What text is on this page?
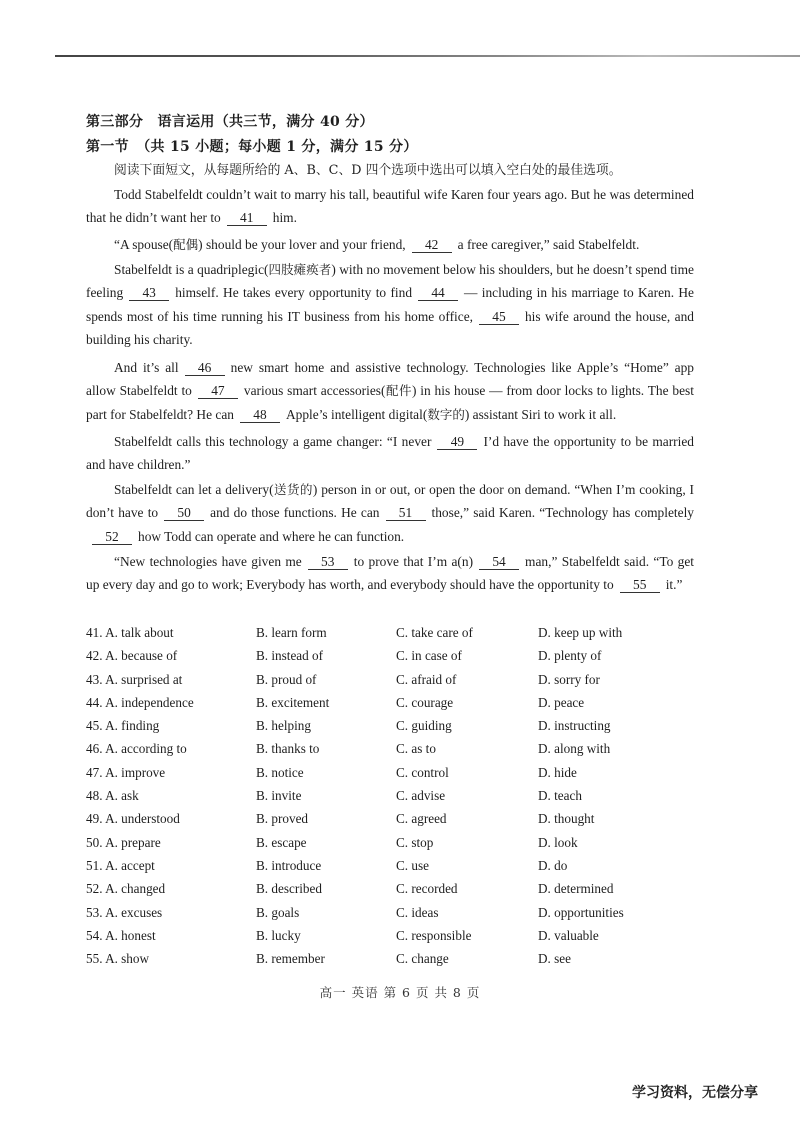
第三部分　语言运用（共三节，满分 40 分）
第一节　（共 15 小题；每小题 1 分，满分 15 分）
阅读下面短文，从每题所给的 A、B、C、D 四个选项中选出可以填入空白处的最佳选项。
Todd Stabelfeldt couldn’t wait to marry his tall, beautiful wife Karen four years ago. But he was determined that he didn’t want her to 41 him.
“A spouse(配偶) should be your lover and your friend, 42 a free caregiver,” said Stabelfeldt.
Stabelfeldt is a quadriplegic(四肢瘫痪者) with no movement below his shoulders, but he doesn’t spend time feeling 43 himself. He takes every opportunity to find 44 — including in his marriage to Karen. He spends most of his time running his IT business from his home office, 45 his wife around the house, and building his charity.
And it’s all 46 new smart home and assistive technology. Technologies like Apple’s “Home” app allow Stabelfeldt to 47 various smart accessories(配件) in his house — from door locks to lights. The best part for Stabelfeldt? He can 48 Apple’s intelligent digital(数字的) assistant Siri to work it all.
Stabelfeldt calls this technology a game changer: “I never 49 I’d have the opportunity to be married and have children.”
Stabelfeldt can let a delivery(送货的) person in or out, or open the door on demand. “When I’m cooking, I don’t have to 50 and do those functions. He can 51 those,” said Karen. “Technology has completely52 how Todd can operate and where he can function.
“New technologies have given me 53 to prove that I’m a(n) 54 man,” Stabelfeldt said. “To get up every day and go to work; Everybody has worth, and everybody should have the opportunity to 55 it.”
41. A. talk about	B. learn form	C. take care of	D. keep up with
42. A. because of	B. instead of	C. in case of	D. plenty of
43. A. surprised at	B. proud of	C. afraid of	D. sorry for
44. A. independence	B. excitement	C. courage	D. peace
45. A. finding	B. helping	C. guiding	D. instructing
46. A. according to	B. thanks to	C. as to	D. along with
47. A. improve	B. notice	C. control	D. hide
48. A. ask	B. invite	C. advise	D. teach
49. A. understood	B. proved	C. agreed	D. thought
50. A. prepare	B. escape	C. stop	D. look
51. A. accept	B. introduce	C. use	D. do
52. A. changed	B. described	C. recorded	D. determined
53. A. excuses	B. goals	C. ideas	D. opportunities
54. A. honest	B. lucky	C. responsible	D. valuable
55. A. show	B. remember	C. change	D. see
高一 英语 第 6 页 共 8 页
学习资料，无偿分享
